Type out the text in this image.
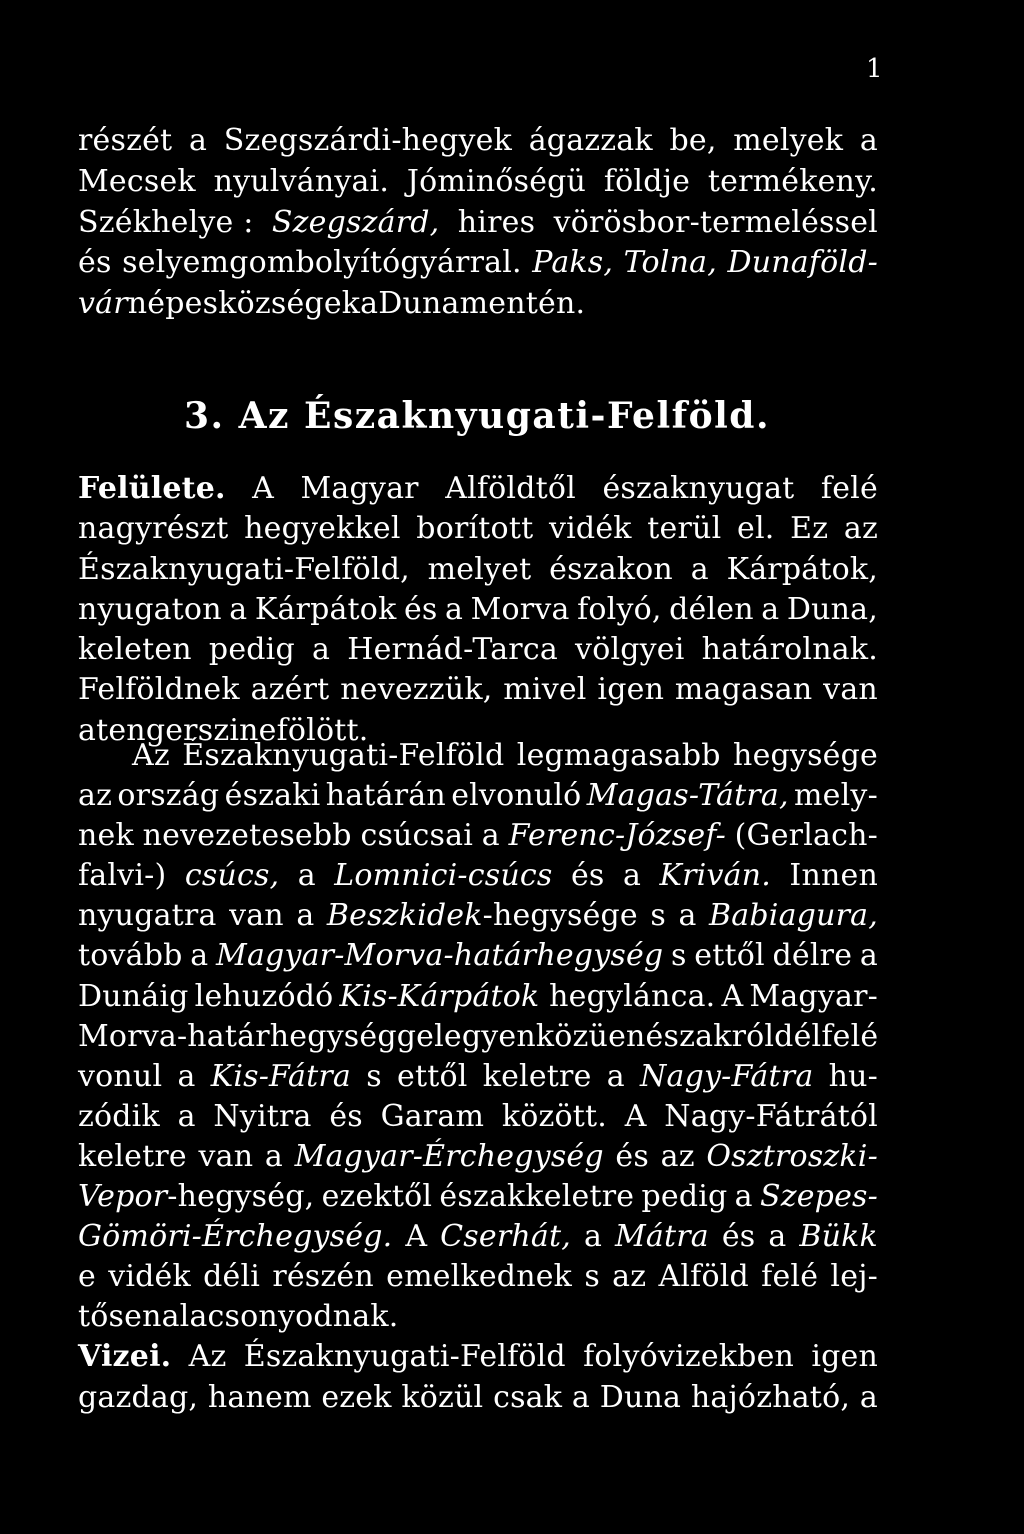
1
részét a Szegszárdi-hegyek ágazzak be, melyek a
Mecsek nyulványai. Jóminőségü földje termékeny.
Székhelye : Szegszárd, hires vörösbor-termeléssel
és selyemgombolyítógyárral. Paks, Tolna, Dunaföld-
vár népes községek a Duna mentén.
3. Az Északnyugati-Felföld.
Felülete. A Magyar Alföldtől északnyugat felé
nagyrészt hegyekkel borított vidék terül el. Ez az
Északnyugati-Felföld, melyet északon a Kárpátok,
nyugaton a Kárpátok és a Morva folyó, délen a Duna,
keleten pedig a Hernád-Tarca völgyei határolnak.
Felföldnek azért nevezzük, mivel igen magasan van
a tenger szine fölött.
Az Északnyugati-Felföld legmagasabb hegysége
az ország északi határán elvonuló Magas-Tátra, mely-
nek nevezetesebb csúcsai a Ferenc-József- (Gerlach-
falvi-) csúcs, a Lomnici-csúcs és a Kriván. Innen
nyugatra van a Beszkidek-hegysége s a Babiagura,
tovább a Magyar-Morva-határhegység s ettől délre a
Dunáig lehuzódó Kis-Kárpátok hegylánca. A Magyar-
Morva-határhegységgel egyenközüen északról dél felé
vonul a Kis-Fátra s ettől keletre a Nagy-Fátra hu-
zódik a Nyitra és Garam között. A Nagy-Fátrától
keletre van a Magyar-Érchegység és az Osztroszki-
Vepor-hegység, ezektől északkeletre pedig a Szepes-
Gömöri-Érchegység. A Cserhát, a Mátra és a Bükk
e vidék déli részén emelkednek s az Alföld felé lej-
tősen alacsonyodnak.
Vizei. Az Északnyugati-Felföld folyóvizekben igen
gazdag, hanem ezek közül csak a Duna hajózható, a
